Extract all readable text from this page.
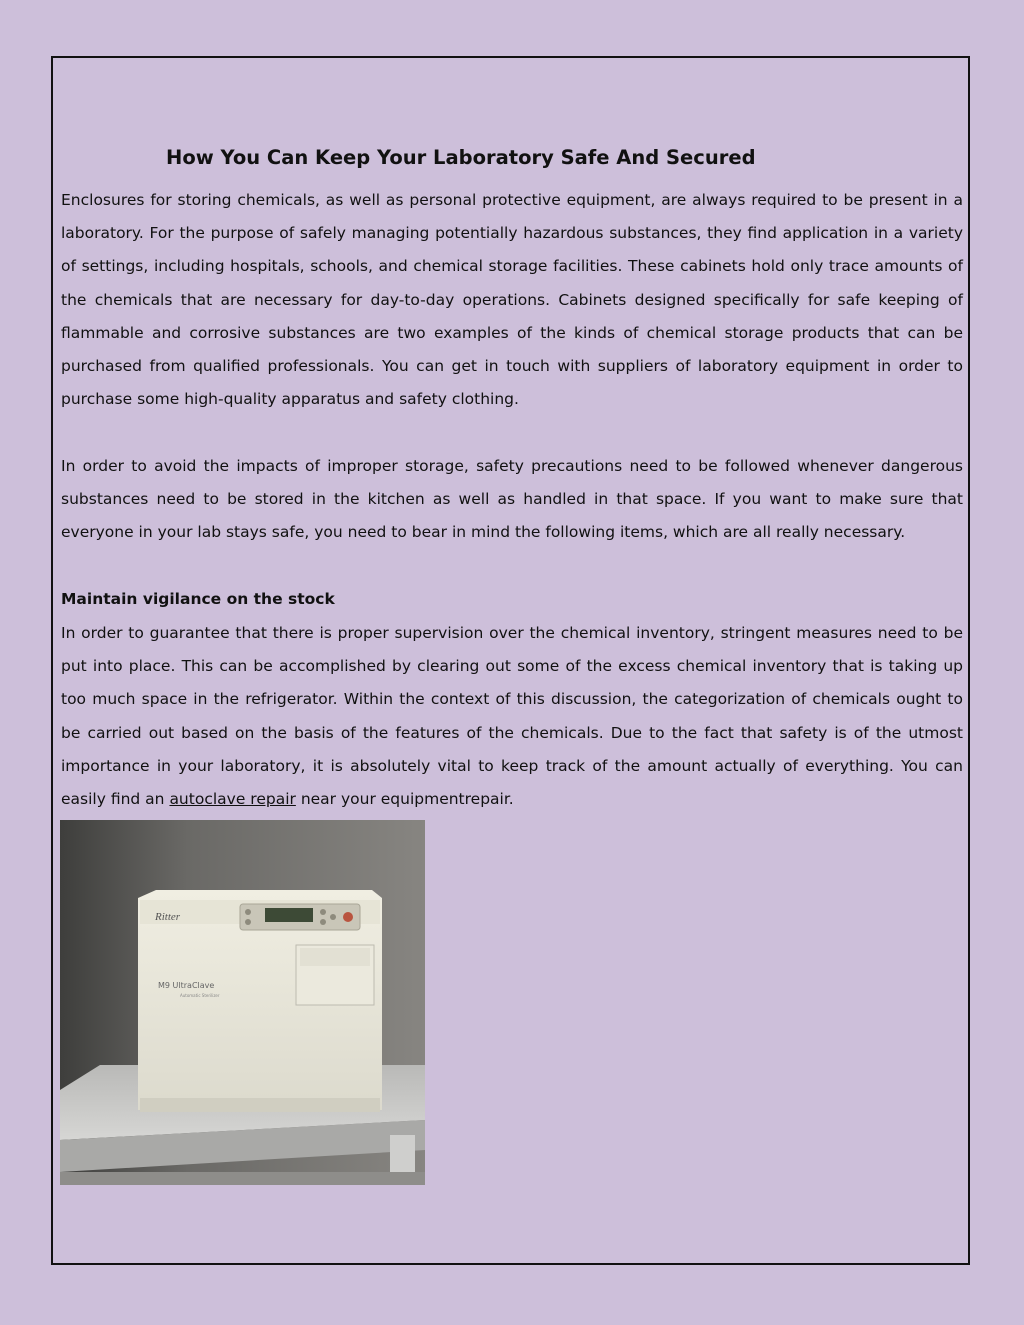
How You Can Keep Your Laboratory Safe And Secured

Enclosures for storing chemicals, as well as personal protective equipment, are always required to be present in a laboratory. For the purpose of safely managing potentially hazardous substances, they find application in a variety of settings, including hospitals, schools, and chemical storage facilities. These cabinets hold only trace amounts of the chemicals that are necessary for day-to-day operations. Cabinets designed specifically for safe keeping of flammable and corrosive substances are two examples of the kinds of chemical storage products that can be purchased from qualified professionals. You can get in touch with suppliers of laboratory equipment in order to purchase some high-quality apparatus and safety clothing.

In order to avoid the impacts of improper storage, safety precautions need to be followed whenever dangerous substances need to be stored in the kitchen as well as handled in that space. If you want to make sure that everyone in your lab stays safe, you need to bear in mind the following items, which are all really necessary.

Maintain vigilance on the stock

In order to guarantee that there is proper supervision over the chemical inventory, stringent measures need to be put into place. This can be accomplished by clearing out some of the excess chemical inventory that is taking up too much space in the refrigerator. Within the context of this discussion, the categorization of chemicals ought to be carried out based on the basis of the features of the chemicals. Due to the fact that safety is of the utmost importance in your laboratory, it is absolutely vital to keep track of the amount actually of everything. You can easily find an autoclave repair near your equipmentrepair.

Ritter
M9 UltraClave
Automatic Sterilizer
